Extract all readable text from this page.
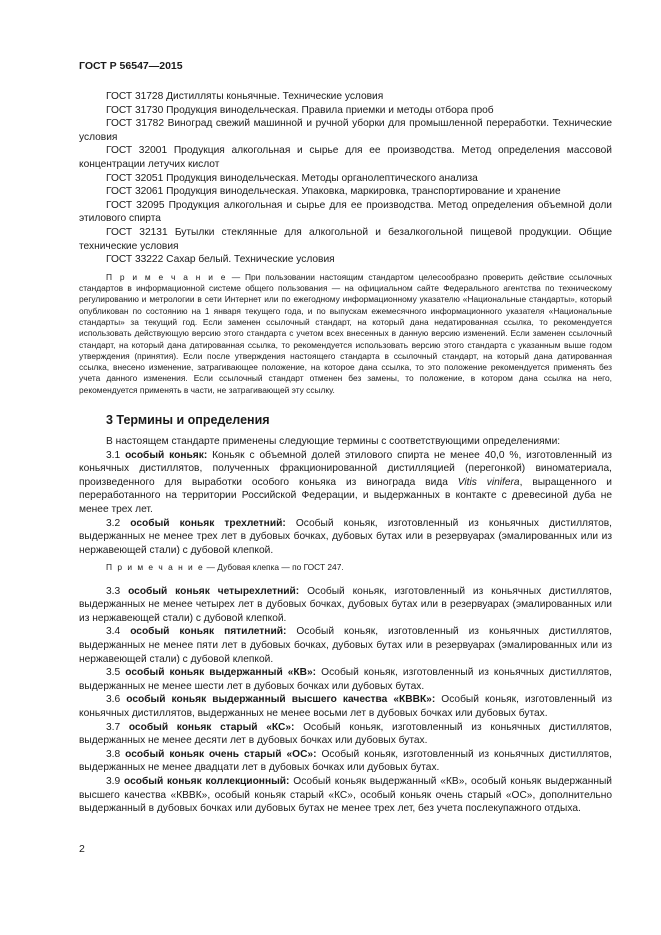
ГОСТ Р 56547—2015

ГОСТ 31728 Дистилляты коньячные. Технические условия

ГОСТ 31730 Продукция винодельческая. Правила приемки и методы отбора проб

ГОСТ 31782 Виноград свежий машинной и ручной уборки для промышленной переработки. Технические условия

ГОСТ 32001 Продукция алкогольная и сырье для ее производства. Метод определения массовой концентрации летучих кислот

ГОСТ 32051 Продукция винодельческая. Методы органолептического анализа

ГОСТ 32061 Продукция винодельческая. Упаковка, маркировка, транспортирование и хранение

ГОСТ 32095 Продукция алкогольная и сырье для ее производства. Метод определения объемной доли этилового спирта

ГОСТ 32131 Бутылки стеклянные для алкогольной и безалкогольной пищевой продукции. Общие технические условия

ГОСТ 33222 Сахар белый. Технические условия

П р и м е ч а н и е — При пользовании настоящим стандартом целесообразно проверить действие ссылочных стандартов в информационной системе общего пользования — на официальном сайте Федерального агентства по техническому регулированию и метрологии в сети Интернет или по ежегодному информационному указателю «Национальные стандарты», который опубликован по состоянию на 1 января текущего года, и по выпускам ежемесячного информационного указателя «Национальные стандарты» за текущий год. Если заменен ссылочный стандарт, на который дана недатированная ссылка, то рекомендуется использовать действующую версию этого стандарта с учетом всех внесенных в данную версию изменений. Если заменен ссылочный стандарт, на который дана датированная ссылка, то рекомендуется использовать версию этого стандарта с указанным выше годом утверждения (принятия). Если после утверждения настоящего стандарта в ссылочный стандарт, на который дана датированная ссылка, внесено изменение, затрагивающее положение, на которое дана ссылка, то это положение рекомендуется применять без учета данного изменения. Если ссылочный стандарт отменен без замены, то положение, в котором дана ссылка на него, рекомендуется применять в части, не затрагивающей эту ссылку.

3 Термины и определения

В настоящем стандарте применены следующие термины с соответствующими определениями:

3.1 особый коньяк: Коньяк с объемной долей этилового спирта не менее 40,0 %, изготовленный из коньячных дистиллятов, полученных фракционированной дистилляцией (перегонкой) виноматериала, произведенного для выработки особого коньяка из винограда вида Vitis vinifera, выращенного и переработанного на территории Российской Федерации, и выдержанных в контакте с древесиной дуба не менее трех лет.

3.2 особый коньяк трехлетний: Особый коньяк, изготовленный из коньячных дистиллятов, выдержанных не менее трех лет в дубовых бочках, дубовых бутах или в резервуарах (эмалированных или из нержавеющей стали) с дубовой клепкой.

П р и м е ч а н и е — Дубовая клепка — по ГОСТ 247.

3.3 особый коньяк четырехлетний: Особый коньяк, изготовленный из коньячных дистиллятов, выдержанных не менее четырех лет в дубовых бочках, дубовых бутах или в резервуарах (эмалированных или из нержавеющей стали) с дубовой клепкой.

3.4 особый коньяк пятилетний: Особый коньяк, изготовленный из коньячных дистиллятов, выдержанных не менее пяти лет в дубовых бочках, дубовых бутах или в резервуарах (эмалированных или из нержавеющей стали) с дубовой клепкой.

3.5 особый коньяк выдержанный «КВ»: Особый коньяк, изготовленный из коньячных дистиллятов, выдержанных не менее шести лет в дубовых бочках или дубовых бутах.

3.6 особый коньяк выдержанный высшего качества «КВВК»: Особый коньяк, изготовленный из коньячных дистиллятов, выдержанных не менее восьми лет в дубовых бочках или дубовых бутах.

3.7 особый коньяк старый «КС»: Особый коньяк, изготовленный из коньячных дистиллятов, выдержанных не менее десяти лет в дубовых бочках или дубовых бутах.

3.8 особый коньяк очень старый «ОС»: Особый коньяк, изготовленный из коньячных дистиллятов, выдержанных не менее двадцати лет в дубовых бочках или дубовых бутах.

3.9 особый коньяк коллекционный: Особый коньяк выдержанный «КВ», особый коньяк выдержанный высшего качества «КВВК», особый коньяк старый «КС», особый коньяк очень старый «ОС», дополнительно выдержанный в дубовых бочках или дубовых бутах не менее трех лет, без учета послекупажного отдыха.

2
